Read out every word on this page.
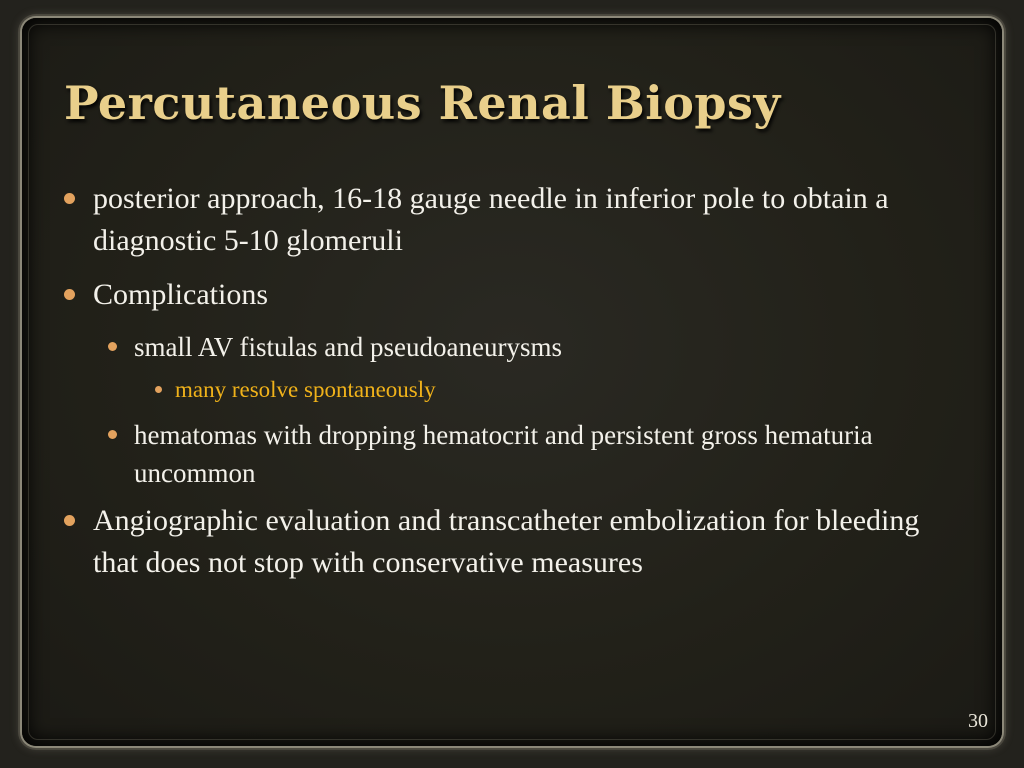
Percutaneous Renal Biopsy

posterior approach, 16-18 gauge needle in inferior pole to obtain a diagnostic 5-10 glomeruli

Complications

small AV fistulas and pseudoaneurysms

many resolve spontaneously

hematomas with dropping hematocrit and persistent gross hematuria uncommon

Angiographic evaluation and transcatheter embolization for bleeding that does not stop with conservative measures

30
